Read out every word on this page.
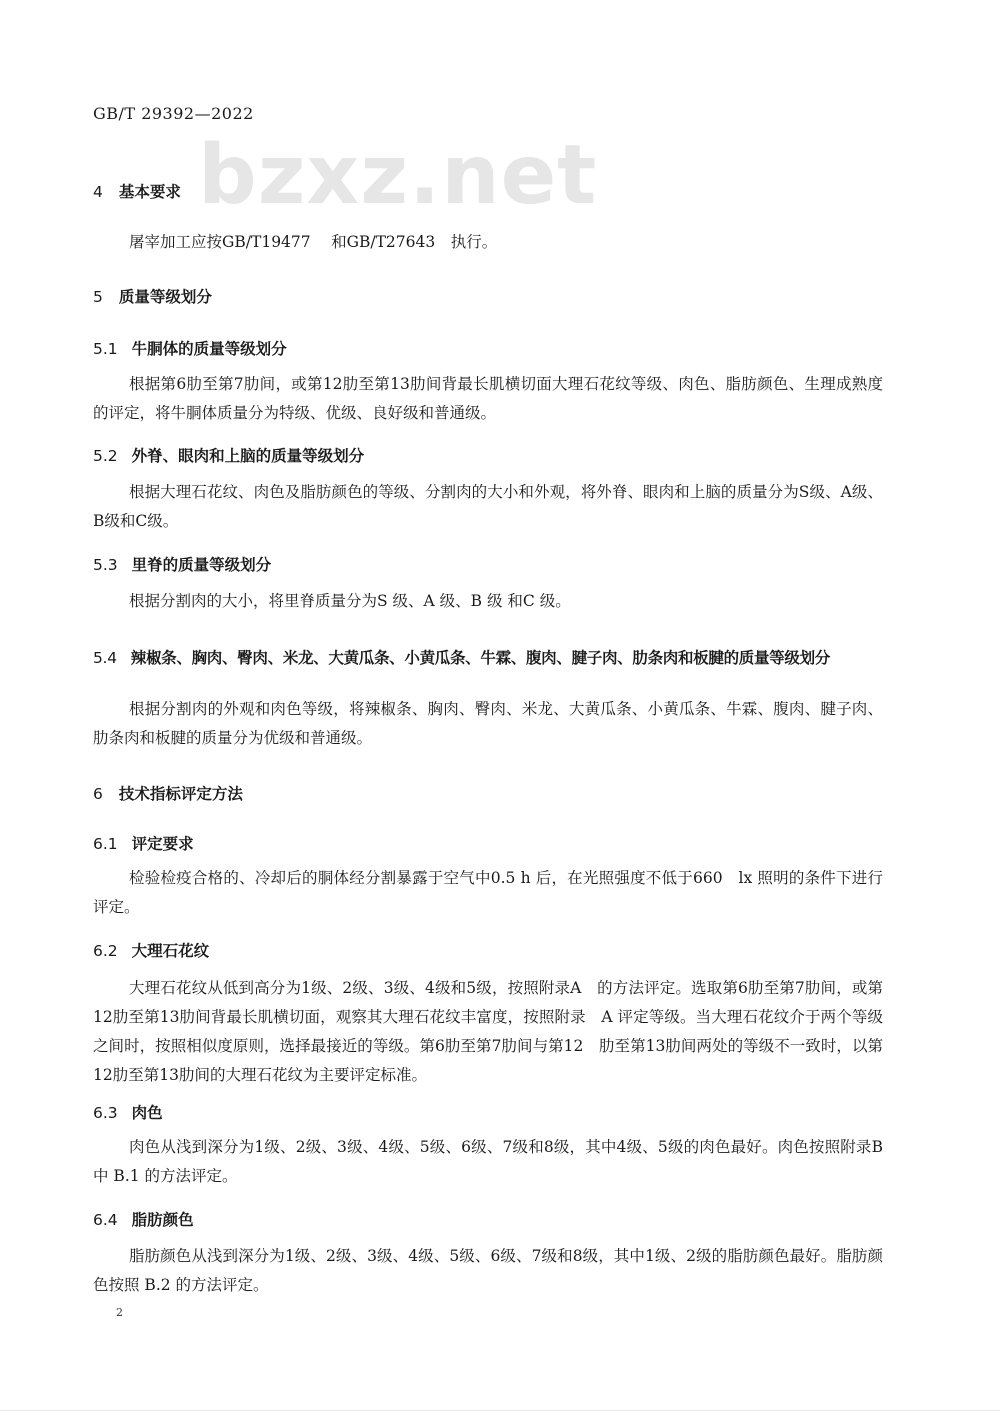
GB/T 29392—2022
bzxz.net
4 基本要求
屠宰加工应按GB/T19477　 和GB/T27643　执行。
5 质量等级划分
5.1 牛胴体的质量等级划分
根据第6肋至第7肋间，或第12肋至第13肋间背最长肌横切面大理石花纹等级、肉色、脂肪颜色、生理成熟度的评定，将牛胴体质量分为特级、优级、良好级和普通级。
5.2 外脊、眼肉和上脑的质量等级划分
根据大理石花纹、肉色及脂肪颜色的等级、分割肉的大小和外观，将外脊、眼肉和上脑的质量分为S级、A级、B级和C级。
5.3 里脊的质量等级划分
根据分割肉的大小，将里脊质量分为S 级、A 级、B 级 和C 级。
5.4 辣椒条、胸肉、臀肉、米龙、大黄瓜条、小黄瓜条、牛霖、腹肉、腱子肉、肋条肉和板腱的质量等级划分
根据分割肉的外观和肉色等级，将辣椒条、胸肉、臀肉、米龙、大黄瓜条、小黄瓜条、牛霖、腹肉、腱子肉、肋条肉和板腱的质量分为优级和普通级。
6 技术指标评定方法
6.1 评定要求
检验检疫合格的、冷却后的胴体经分割暴露于空气中0.5 h 后，在光照强度不低于660　lx 照明的条件下进行评定。
6.2 大理石花纹
大理石花纹从低到高分为1级、2级、3级、4级和5级，按照附录A　的方法评定。选取第6肋至第7肋间，或第12肋至第13肋间背最长肌横切面，观察其大理石花纹丰富度，按照附录　A 评定等级。当大理石花纹介于两个等级之间时，按照相似度原则，选择最接近的等级。第6肋至第7肋间与第12　肋至第13肋间两处的等级不一致时，以第12肋至第13肋间的大理石花纹为主要评定标准。
6.3 肉色
肉色从浅到深分为1级、2级、3级、4级、5级、6级、7级和8级，其中4级、5级的肉色最好。肉色按照附录B 中 B.1 的方法评定。
6.4 脂肪颜色
脂肪颜色从浅到深分为1级、2级、3级、4级、5级、6级、7级和8级，其中1级、2级的脂肪颜色最好。脂肪颜色按照 B.2 的方法评定。
2
